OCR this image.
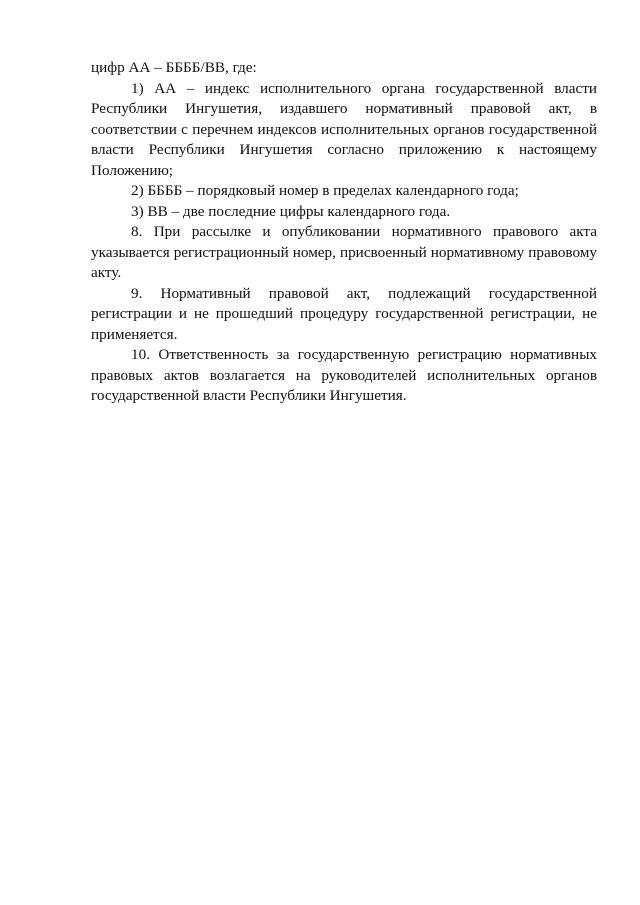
цифр АА – ББББ/ВВ, где:

1) АА – индекс исполнительного органа государственной власти Республики Ингушетия, издавшего нормативный правовой акт, в соответствии с перечнем индексов исполнительных органов государственной власти Республики Ингушетия согласно приложению к настоящему Положению;

2) ББББ – порядковый номер в пределах календарного года;

3) ВВ – две последние цифры календарного года.

8. При рассылке и опубликовании нормативного правового акта указывается регистрационный номер, присвоенный нормативному правовому акту.

9. Нормативный правовой акт, подлежащий государственной регистрации и не прошедший процедуру государственной регистрации, не применяется.

10. Ответственность за государственную регистрацию нормативных правовых актов возлагается на руководителей исполнительных органов государственной власти Республики Ингушетия.
